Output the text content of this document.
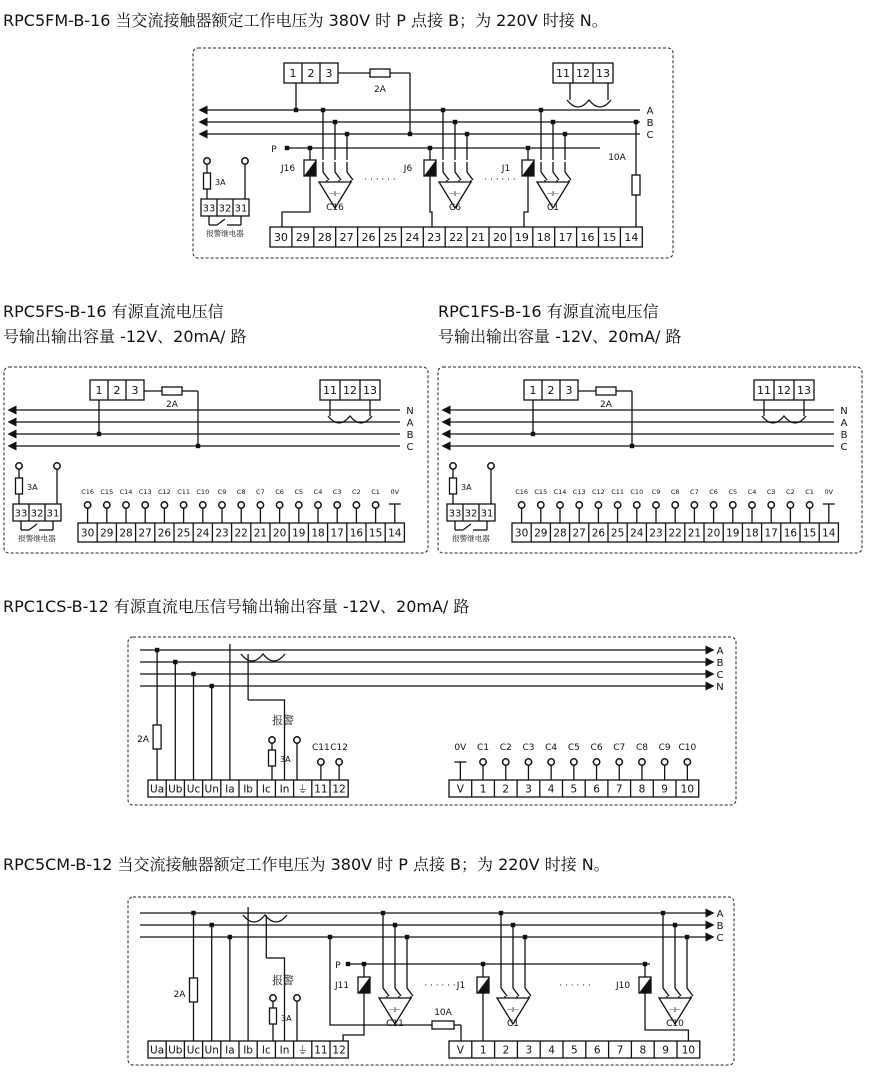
RPC5FM-B-16 当交流接触器额定工作电压为 380V 时 P 点接 B；为 220V 时接 N。
RPC5FS-B-16 有源直流电压信
号输出输出容量 -12V、20mA/ 路
RPC1FS-B-16 有源直流电压信
号输出输出容量 -12V、20mA/ 路
RPC1CS-B-12 有源直流电压信号输出输出容量 -12V、20mA/ 路
RPC5CM-B-12 当交流接触器额定工作电压为 380V 时 P 点接 B；为 220V 时接 N。
1 2 3	11 12 13
2A
A
B
C
10A
P
J16
⊣⊢
C16
J6
⊣⊢
C6
J1
⊣⊢
C1
· · · · · ·	· · · · · ·
3A
33 32 31
报警继电器	30 29 28 27 26 25 24 23 22 21 20 19 18 17 16 15 14
1 2 3	11 12 13
2A
N
A
B
C
3A
33 32 31
报警继电器 30 29 28 27 26 25 24 23 22 21 20 19 18 17 16 15 14
C16 C15 C14 C13 C12 C11 C10 C9 C8 C7 C6 C5 C4 C3 C2 C1 0V
1 2 3	11 12 13
2A
N
A
B
C
3A
33 32 31
报警继电器 30 29 28 27 26 25 24 23 22 21 20 19 18 17 16 15 14
C16 C15 C14 C13 C12 C11 C10 C9 C8 C7 C6 C5 C4 C3 C2 C1 0V
A
B
C
N
Ua Ub Uc Un Ia Ib Ic In ⏚ 11 12
2A
报警
3A
C11 C12
V 1 2 3 4 5 6 7 8 9 10
0V C1 C2 C3 C4 C5 C6 C7 C8 C9 C10
A
B
C
Ua Ub Uc Un Ia Ib Ic In ⏚ 11 12
2A
报警
3A
P
10A
V 1 2 3 4 5 6 7 8 9 10
J11
⊣⊢
C11
J1
⊣⊢
C1
J10
⊣⊢
C10
· · · · · ·	· · · · · ·
